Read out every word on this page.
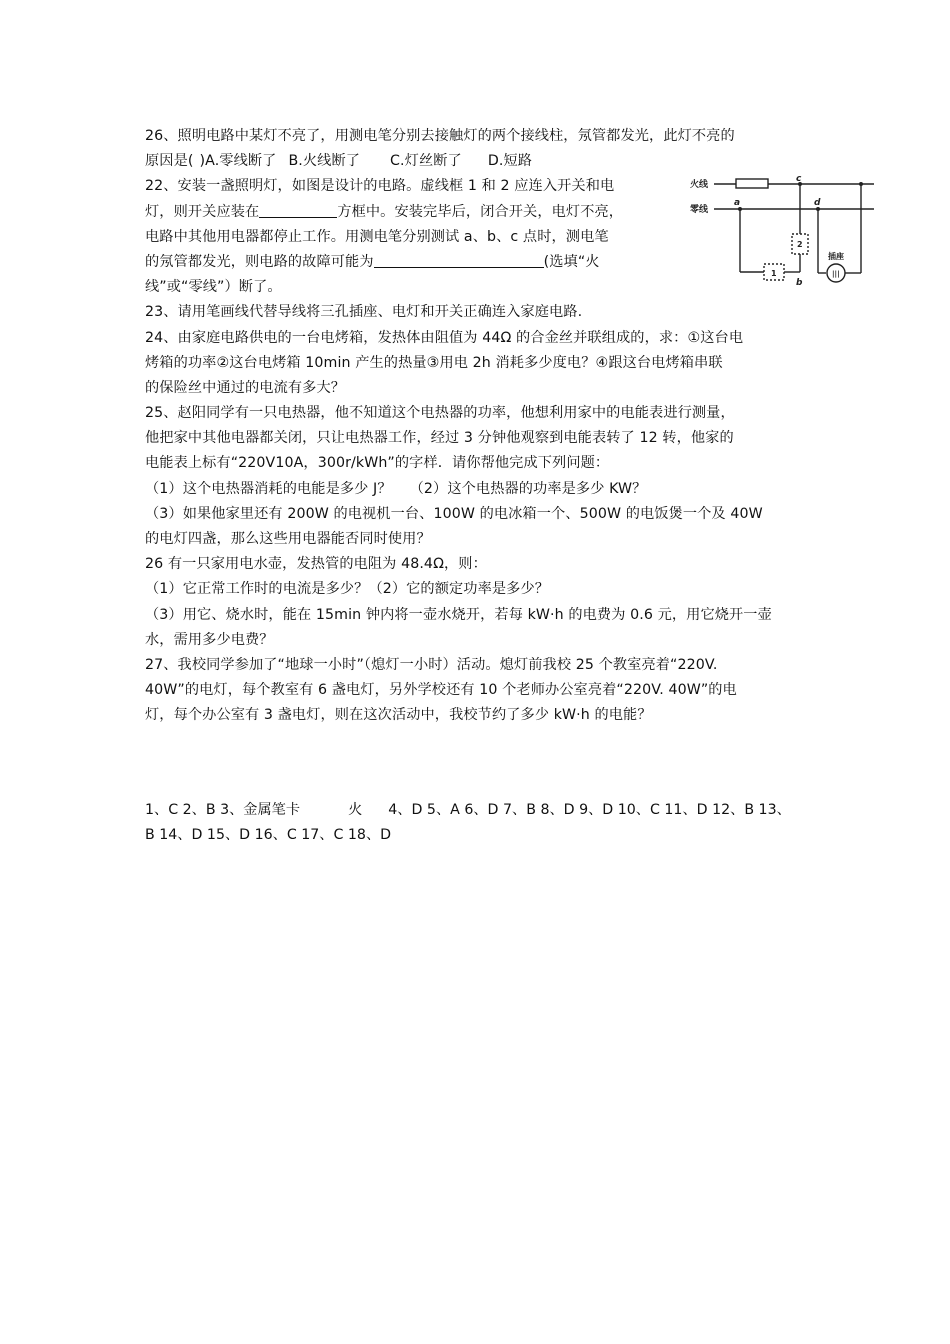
26、照明电路中某灯不亮了，用测电笔分别去接触灯的两个接线柱，氖管都发光，此灯不亮的
原因是( )A.零线断了 B.火线断了 C.灯丝断了 D.短路
22、安装一盏照明灯，如图是设计的电路。虚线框 1 和 2 应连入开关和电
灯，则开关应装在	方框中。安装完毕后，闭合开关，电灯不亮，
电路中其他用电器都停止工作。用测电笔分别测试 a、b、c 点时，测电笔
的氖管都发光，则电路的故障可能为	(选填“火
线”或“零线”）断了。
23、请用笔画线代替导线将三孔插座、电灯和开关正确连入家庭电路.
24、由家庭电路供电的一台电烤箱，发热体由阻值为 44Ω 的合金丝并联组成的，求：①这台电
烤箱的功率②这台电烤箱 10min 产生的热量③用电 2h 消耗多少度电？④跟这台电烤箱串联
的保险丝中通过的电流有多大？
25、赵阳同学有一只电热器，他不知道这个电热器的功率，他想利用家中的电能表进行测量，
他把家中其他电器都关闭，只让电热器工作，经过 3 分钟他观察到电能表转了 12 转，他家的
电能表上标有“220V10A，300r/kWh”的字样．请你帮他完成下列问题：
（1）这个电热器消耗的电能是多少 J？ （2）这个电热器的功率是多少 KW？
（3）如果他家里还有 200W 的电视机一台、100W 的电冰箱一个、500W 的电饭煲一个及 40W
的电灯四盏，那么这些用电器能否同时使用？
26 有一只家用电水壶，发热管的电阻为 48.4Ω，则：
（1）它正常工作时的电流是多少？（2）它的额定功率是多少？
（3）用它、烧水时，能在 15min 钟内将一壶水烧开，若每 kW·h 的电费为 0.6 元，用它烧开一壶
水，需用多少电费？
27、我校同学参加了“地球一小时”（熄灯一小时）活动。熄灯前我校 25 个教室亮着“220V.
40W”的电灯，每个教室有 6 盏电灯，另外学校还有 10 个老师办公室亮着“220V. 40W”的电
灯，每个办公室有 3 盏电灯，则在这次活动中，我校节约了多少 kW·h 的电能？
火线
零线
a
c
d
b
1
2
插座
|||
1、C 2、B 3、金属笔卡	火 4、D 5、A 6、D 7、B 8、D 9、D 10、C 11、D 12、B 13、
B 14、D 15、D 16、C 17、C 18、D
